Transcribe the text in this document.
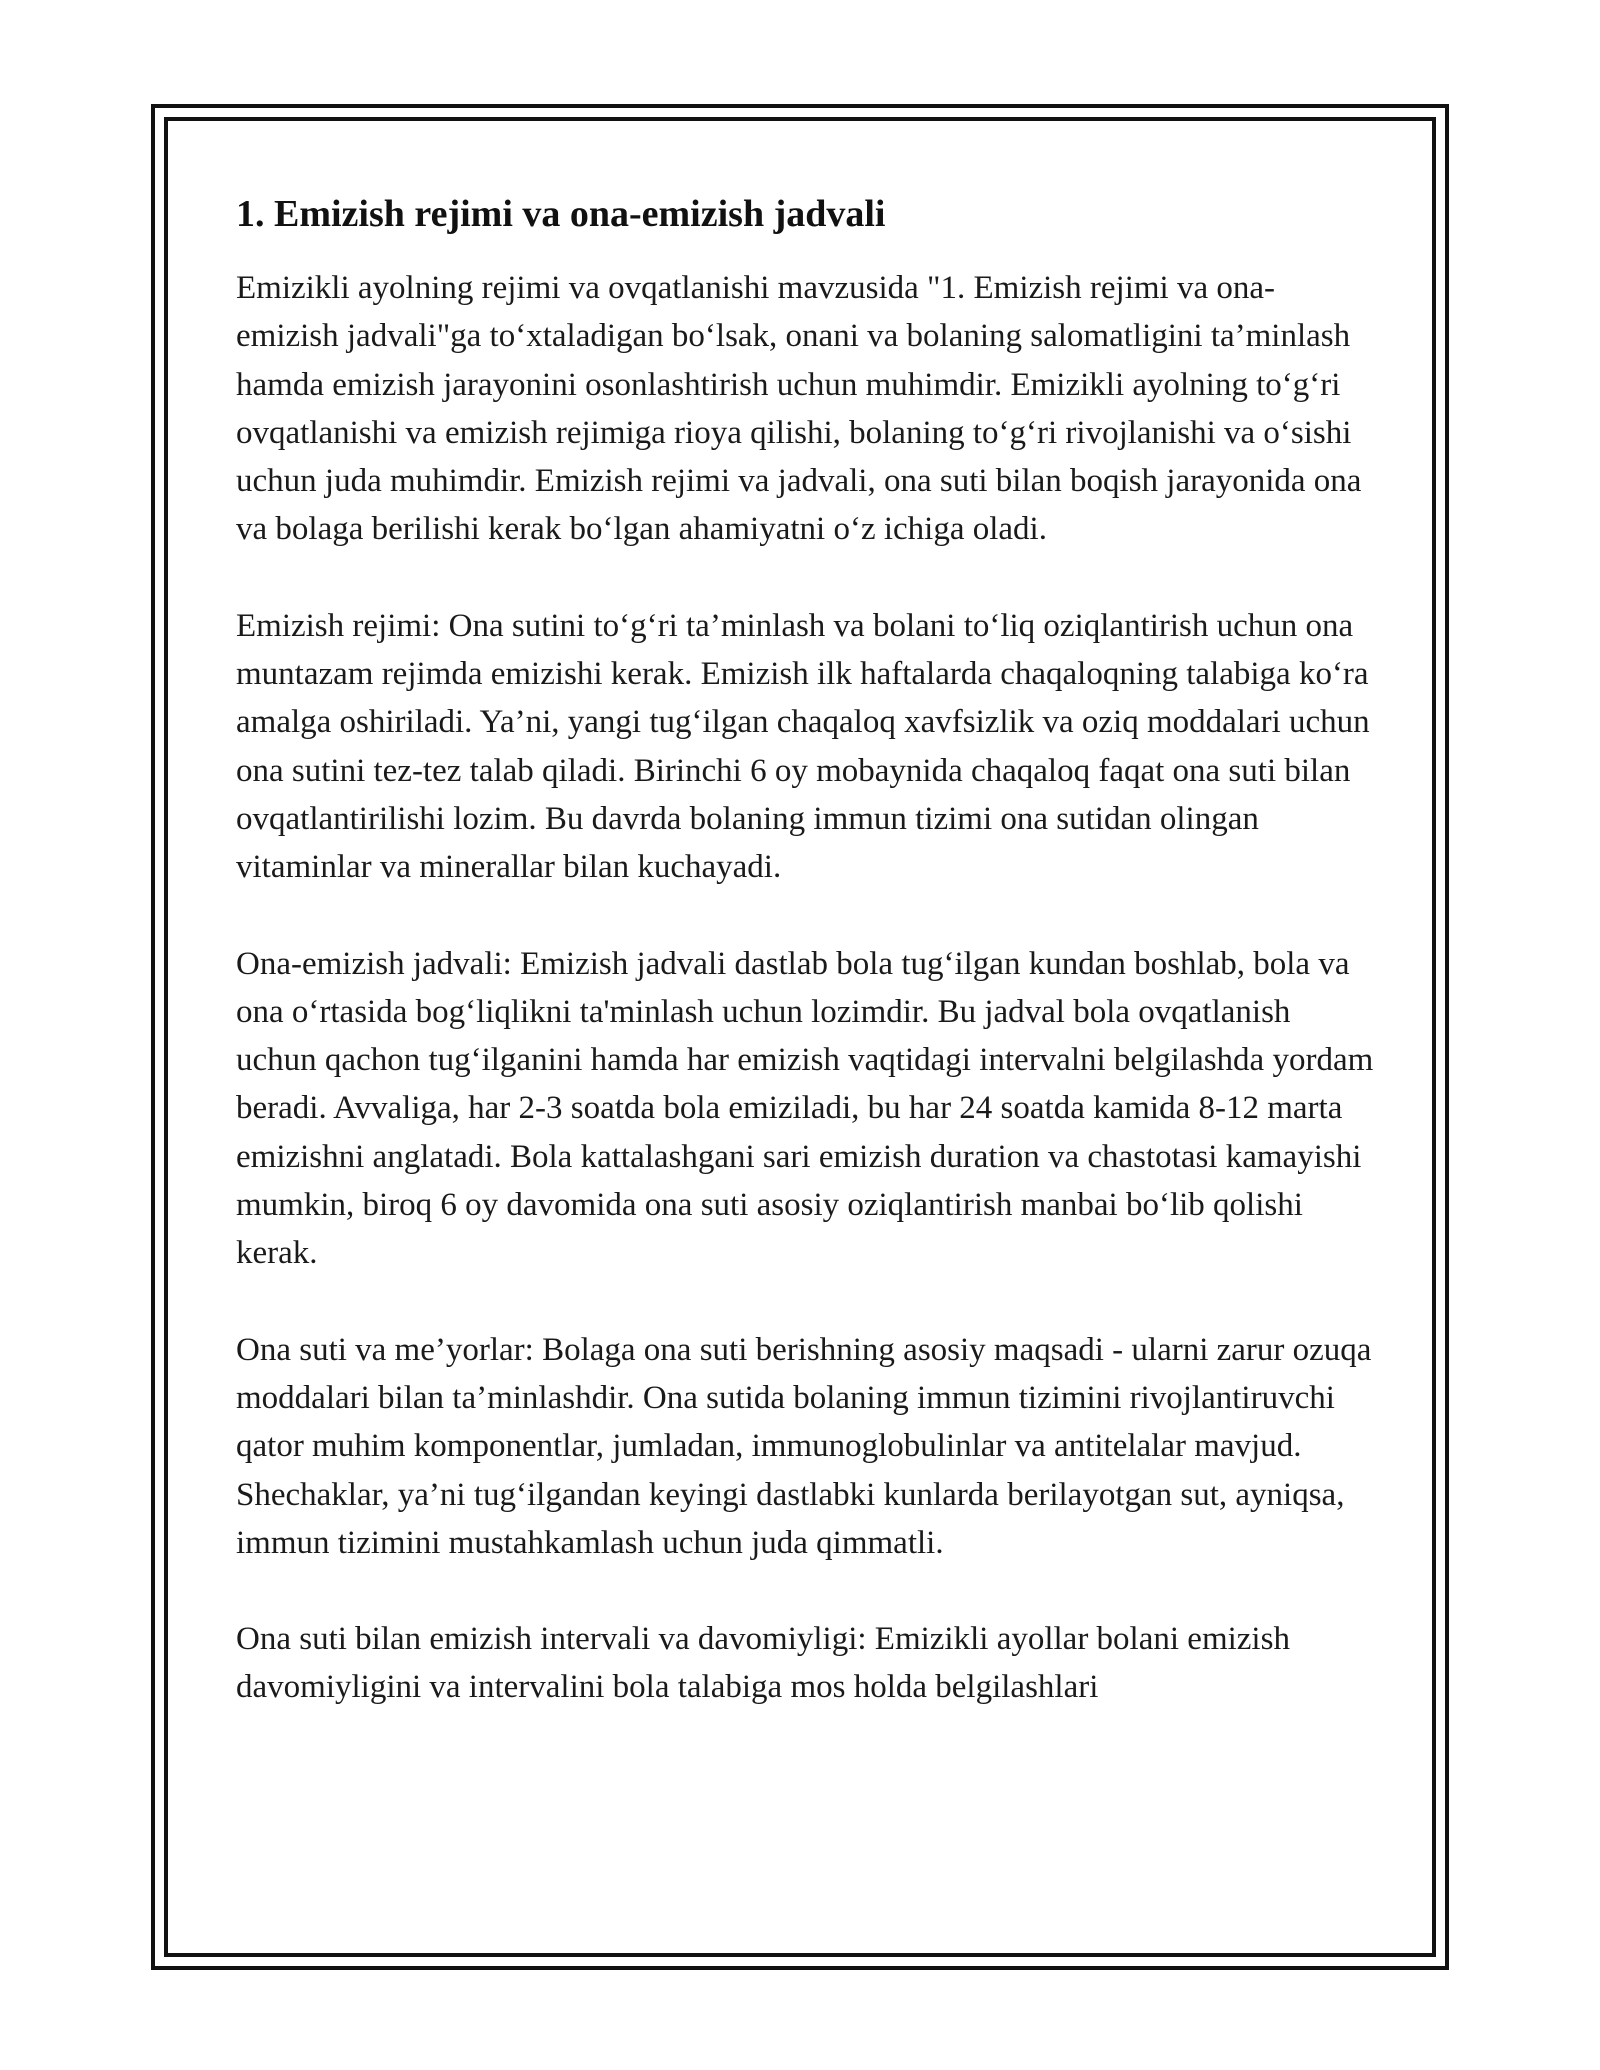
1. Emizish rejimi va ona-emizish jadvali

Emizikli ayolning rejimi va ovqatlanishi mavzusida "1. Emizish rejimi va ona-emizish jadvali"ga to‘xtaladigan bo‘lsak, onani va bolaning salomatligini ta’minlash hamda emizish jarayonini osonlashtirish uchun muhimdir. Emizikli ayolning to‘g‘ri ovqatlanishi va emizish rejimiga rioya qilishi, bolaning to‘g‘ri rivojlanishi va o‘sishi uchun juda muhimdir. Emizish rejimi va jadvali, ona suti bilan boqish jarayonida ona va bolaga berilishi kerak bo‘lgan ahamiyatni o‘z ichiga oladi.

Emizish rejimi: Ona sutini to‘g‘ri ta’minlash va bolani to‘liq oziqlantirish uchun ona muntazam rejimda emizishi kerak. Emizish ilk haftalarda chaqaloqning talabiga ko‘ra amalga oshiriladi. Ya’ni, yangi tug‘ilgan chaqaloq xavfsizlik va oziq moddalari uchun ona sutini tez-tez talab qiladi. Birinchi 6 oy mobaynida chaqaloq faqat ona suti bilan ovqatlantirilishi lozim. Bu davrda bolaning immun tizimi ona sutidan olingan vitaminlar va minerallar bilan kuchayadi.

Ona-emizish jadvali: Emizish jadvali dastlab bola tug‘ilgan kundan boshlab, bola va ona o‘rtasida bog‘liqlikni ta'minlash uchun lozimdir. Bu jadval bola ovqatlanish uchun qachon tug‘ilganini hamda har emizish vaqtidagi intervalni belgilashda yordam beradi. Avvaliga, har 2-3 soatda bola emiziladi, bu har 24 soatda kamida 8-12 marta emizishni anglatadi. Bola kattalashgani sari emizish duration va chastotasi kamayishi mumkin, biroq 6 oy davomida ona suti asosiy oziqlantirish manbai bo‘lib qolishi kerak.

Ona suti va me’yorlar: Bolaga ona suti berishning asosiy maqsadi - ularni zarur ozuqa moddalari bilan ta’minlashdir. Ona sutida bolaning immun tizimini rivojlantiruvchi qator muhim komponentlar, jumladan, immunoglobulinlar va antitelalar mavjud. Shechaklar, ya’ni tug‘ilgandan keyingi dastlabki kunlarda berilayotgan sut, ayniqsa, immun tizimini mustahkamlash uchun juda qimmatli.

Ona suti bilan emizish intervali va davomiyligi: Emizikli ayollar bolani emizish davomiyligini va intervalini bola talabiga mos holda belgilashlari
